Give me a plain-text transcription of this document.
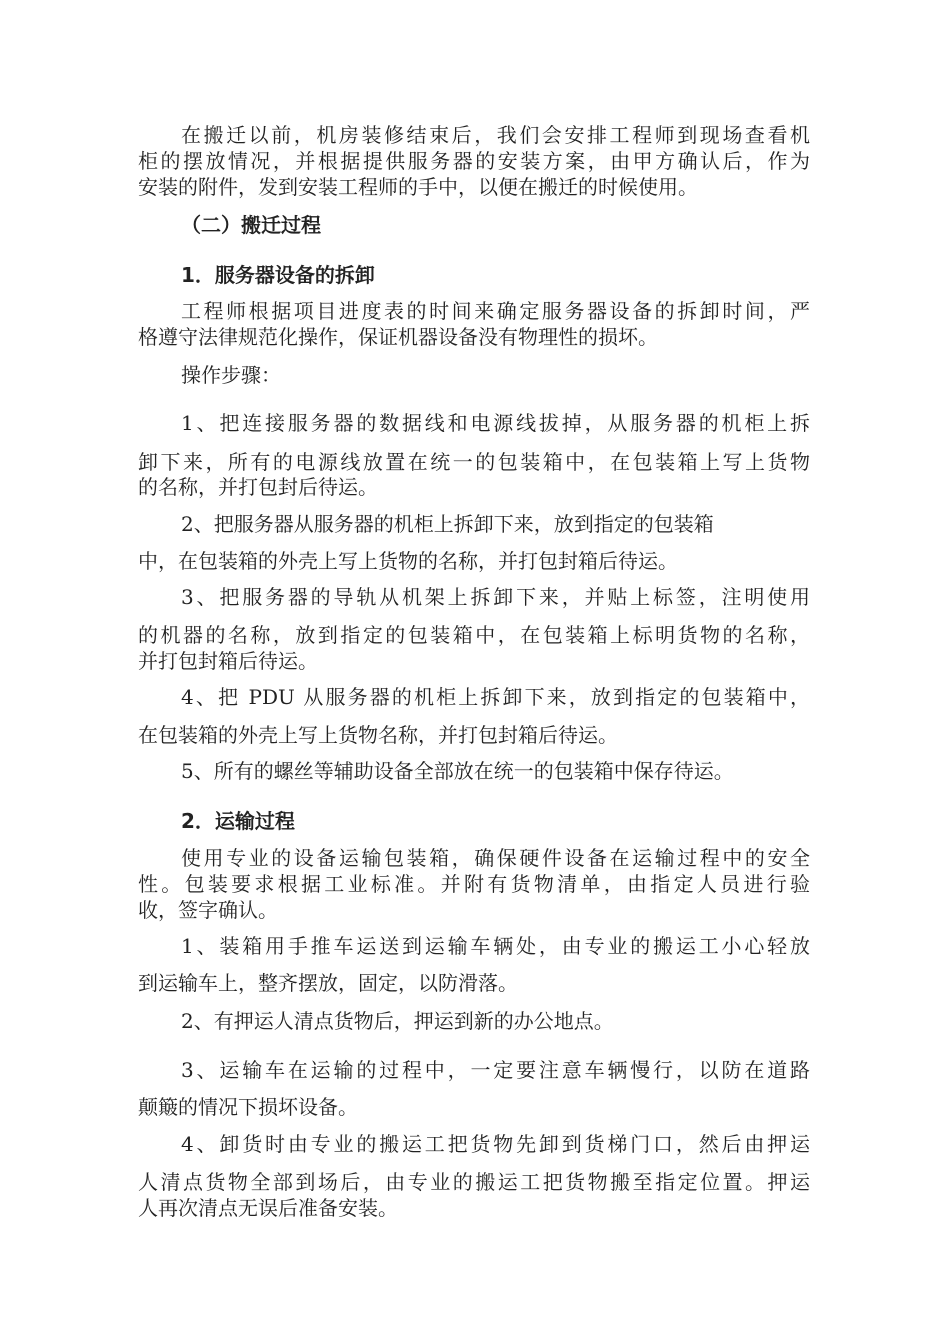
在搬迁以前，机房装修结束后，我们会安排工程师到现场查看机
柜的摆放情况，并根据提供服务器的安装方案，由甲方确认后，作为
安装的附件，发到安装工程师的手中，以便在搬迁的时候使用。
（二）搬迁过程
1．服务器设备的拆卸
工程师根据项目进度表的时间来确定服务器设备的拆卸时间，严
格遵守法律规范化操作，保证机器设备没有物理性的损坏。
操作步骤：
1、把连接服务器的数据线和电源线拔掉，从服务器的机柜上拆
卸下来，所有的电源线放置在统一的包装箱中，在包装箱上写上货物
的名称，并打包封后待运。
2、把服务器从服务器的机柜上拆卸下来，放到指定的包装箱
中，在包装箱的外壳上写上货物的名称，并打包封箱后待运。
3、把服务器的导轨从机架上拆卸下来，并贴上标签，注明使用
的机器的名称，放到指定的包装箱中，在包装箱上标明货物的名称，
并打包封箱后待运。
4、把 PDU 从服务器的机柜上拆卸下来，放到指定的包装箱中，
在包装箱的外壳上写上货物名称，并打包封箱后待运。
5、所有的螺丝等辅助设备全部放在统一的包装箱中保存待运。
2．运输过程
使用专业的设备运输包装箱，确保硬件设备在运输过程中的安全
性。包装要求根据工业标准。并附有货物清单，由指定人员进行验
收，签字确认。
1、装箱用手推车运送到运输车辆处，由专业的搬运工小心轻放
到运输车上，整齐摆放，固定，以防滑落。
2、有押运人清点货物后，押运到新的办公地点。
3、运输车在运输的过程中，一定要注意车辆慢行，以防在道路
颠簸的情况下损坏设备。
4、卸货时由专业的搬运工把货物先卸到货梯门口，然后由押运
人清点货物全部到场后，由专业的搬运工把货物搬至指定位置。押运
人再次清点无误后准备安装。
